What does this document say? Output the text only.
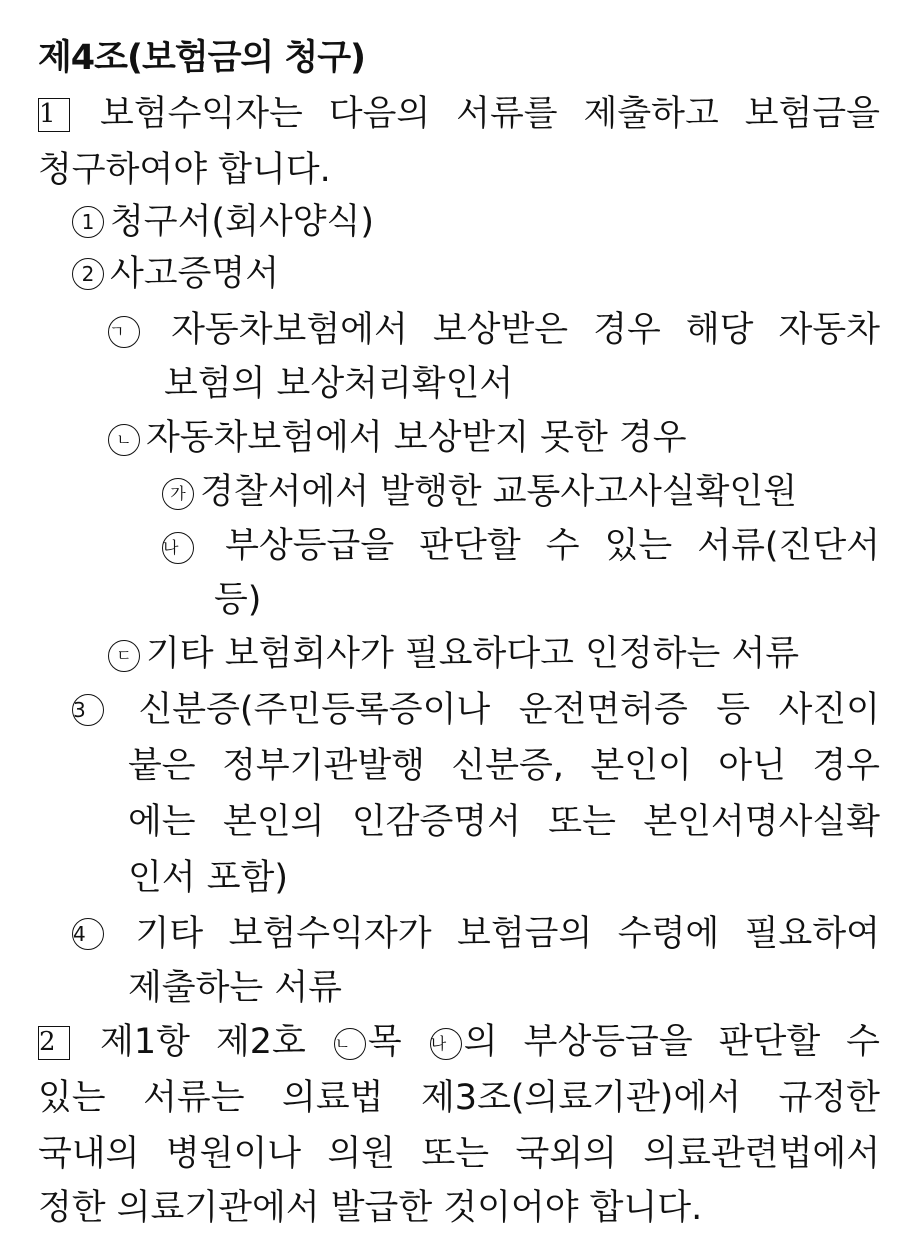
제4조(보험금의 청구)
1 보험수익자는 다음의 서류를 제출하고 보험금을
청구하여야 합니다.
1 청구서(회사양식)
2 사고증명서
ㄱ 자동차보험에서 보상받은 경우 해당 자동차
보험의 보상처리확인서
ㄴ 자동차보험에서 보상받지 못한 경우
가 경찰서에서 발행한 교통사고사실확인원
나 부상등급을 판단할 수 있는 서류(진단서
등)
ㄷ 기타 보험회사가 필요하다고 인정하는 서류
3 신분증(주민등록증이나 운전면허증 등 사진이
붙은 정부기관발행 신분증, 본인이 아닌 경우
에는 본인의 인감증명서 또는 본인서명사실확
인서 포함)
4 기타 보험수익자가 보험금의 수령에 필요하여
제출하는 서류
2 제1항 제2호 ㄴ 목 나 의 부상등급을 판단할 수
있는 서류는 의료법 제3조(의료기관)에서 규정한
국내의 병원이나 의원 또는 국외의 의료관련법에서
정한 의료기관에서 발급한 것이어야 합니다.
